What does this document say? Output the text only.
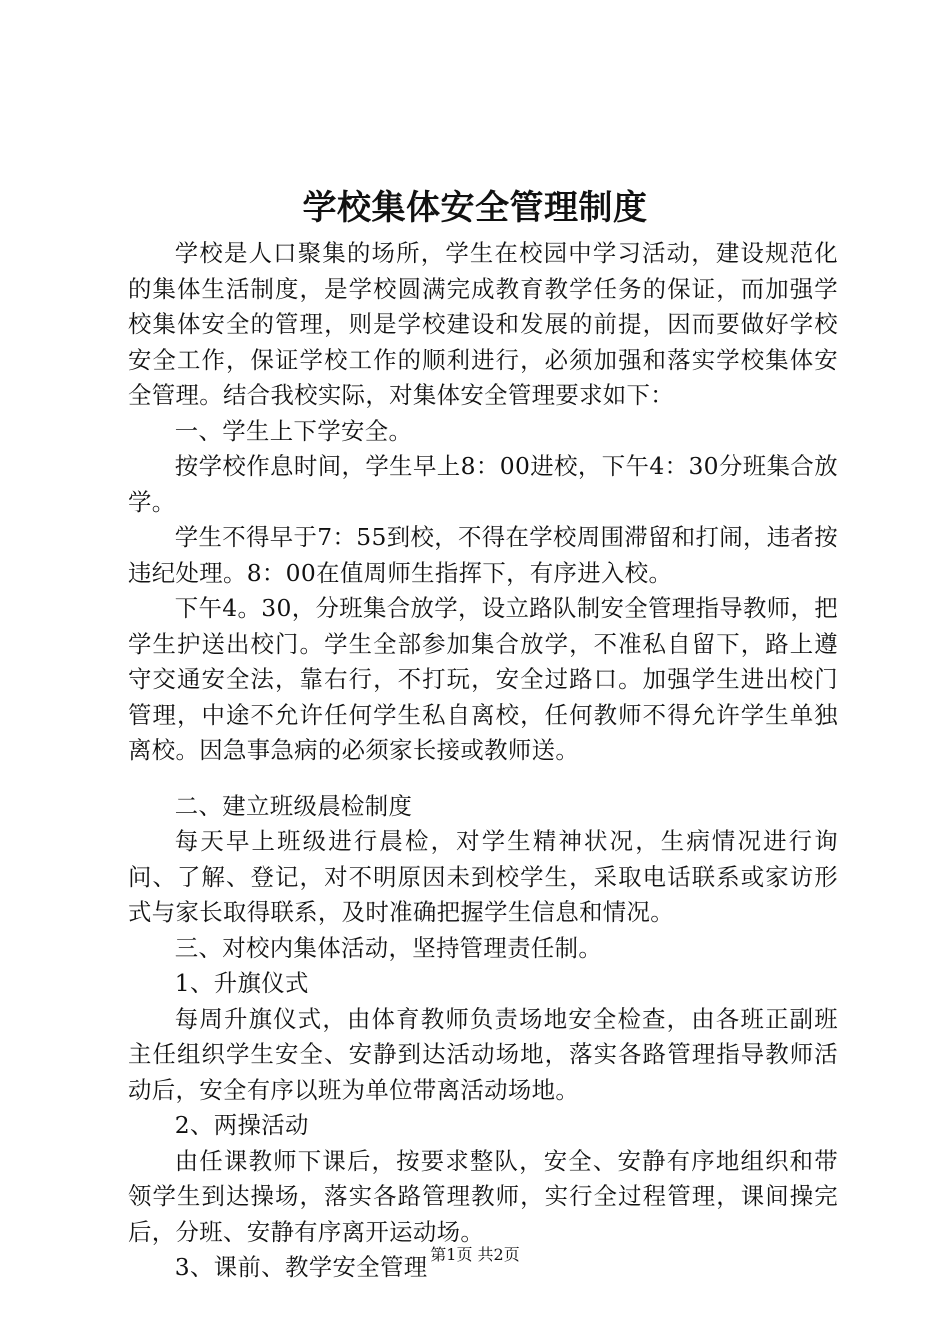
学校集体安全管理制度

学校是人口聚集的场所，学生在校园中学习活动，建设规范化的集体生活制度，是学校圆满完成教育教学任务的保证，而加强学校集体安全的管理，则是学校建设和发展的前提，因而要做好学校安全工作，保证学校工作的顺利进行，必须加强和落实学校集体安全管理。结合我校实际，对集体安全管理要求如下：

一、学生上下学安全。

按学校作息时间，学生早上8：00进校，下午4：30分班集合放学。

学生不得早于7：55到校，不得在学校周围滞留和打闹，违者按违纪处理。8：00在值周师生指挥下，有序进入校。

下午4。30，分班集合放学，设立路队制安全管理指导教师，把学生护送出校门。学生全部参加集合放学，不准私自留下，路上遵守交通安全法，靠右行，不打玩，安全过路口。加强学生进出校门管理，中途不允许任何学生私自离校，任何教师不得允许学生单独离校。因急事急病的必须家长接或教师送。

二、建立班级晨检制度

每天早上班级进行晨检，对学生精神状况，生病情况进行询问、了解、登记，对不明原因未到校学生，采取电话联系或家访形式与家长取得联系，及时准确把握学生信息和情况。

三、对校内集体活动，坚持管理责任制。

1、升旗仪式

每周升旗仪式，由体育教师负责场地安全检查，由各班正副班主任组织学生安全、安静到达活动场地，落实各路管理指导教师活动后，安全有序以班为单位带离活动场地。

2、两操活动

由任课教师下课后，按要求整队，安全、安静有序地组织和带领学生到达操场，落实各路管理教师，实行全过程管理，课间操完后，分班、安静有序离开运动场。

3、课前、教学安全管理 第1页 共2页
